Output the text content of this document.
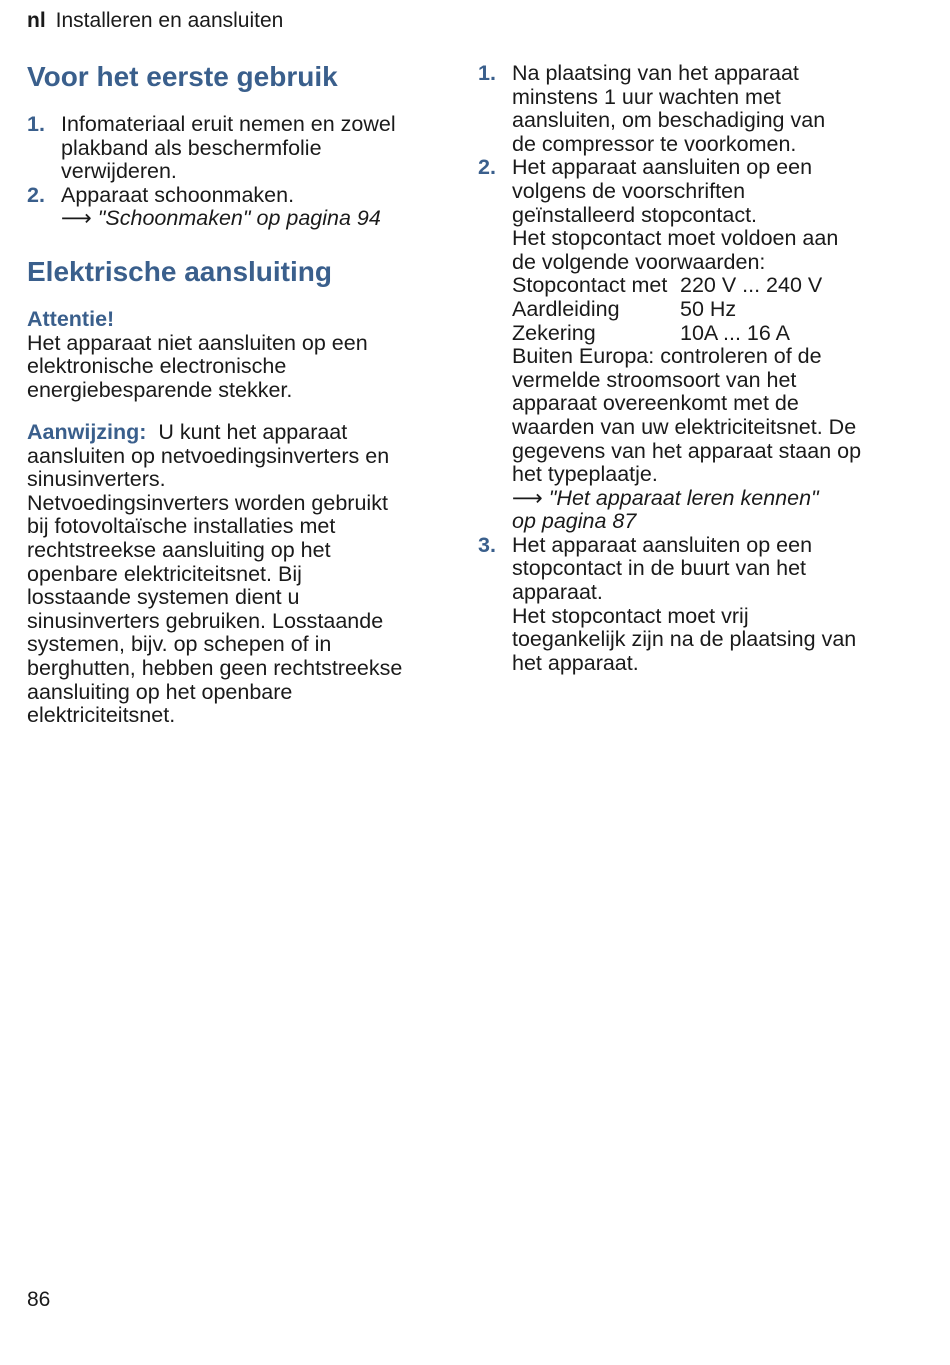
nl Installeren en aansluiten
Voor het eerste gebruik
1. Infomateriaal eruit nemen en zowel
plakband als beschermfolie
verwijderen.
2. Apparaat schoonmaken.
⟶ "Schoonmaken" op pagina 94
Elektrische aansluiting
Attentie!
Het apparaat niet aansluiten op een
elektronische electronische
energiebesparende stekker.
Aanwijzing: U kunt het apparaat
aansluiten op netvoedingsinverters en
sinusinverters.
Netvoedingsinverters worden gebruikt
bij fotovoltaïsche installaties met
rechtstreekse aansluiting op het
openbare elektriciteitsnet. Bij
losstaande systemen dient u
sinusinverters gebruiken. Losstaande
systemen, bijv. op schepen of in
berghutten, hebben geen rechtstreekse
aansluiting op het openbare
elektriciteitsnet.
1. Na plaatsing van het apparaat
minstens 1 uur wachten met
aansluiten, om beschadiging van
de compressor te voorkomen.
2. Het apparaat aansluiten op een
volgens de voorschriften
geïnstalleerd stopcontact.
Het stopcontact moet voldoen aan
de volgende voorwaarden:
Stopcontact met 220 V ... 240 V
Aardleiding	50 Hz
Zekering	10A ... 16 A
Buiten Europa: controleren of de
vermelde stroomsoort van het
apparaat overeenkomt met de
waarden van uw elektriciteitsnet. De
gegevens van het apparaat staan op
het typeplaatje.
⟶ "Het apparaat leren kennen"
op pagina 87
3. Het apparaat aansluiten op een
stopcontact in de buurt van het
apparaat.
Het stopcontact moet vrij
toegankelijk zijn na de plaatsing van
het apparaat.
86
